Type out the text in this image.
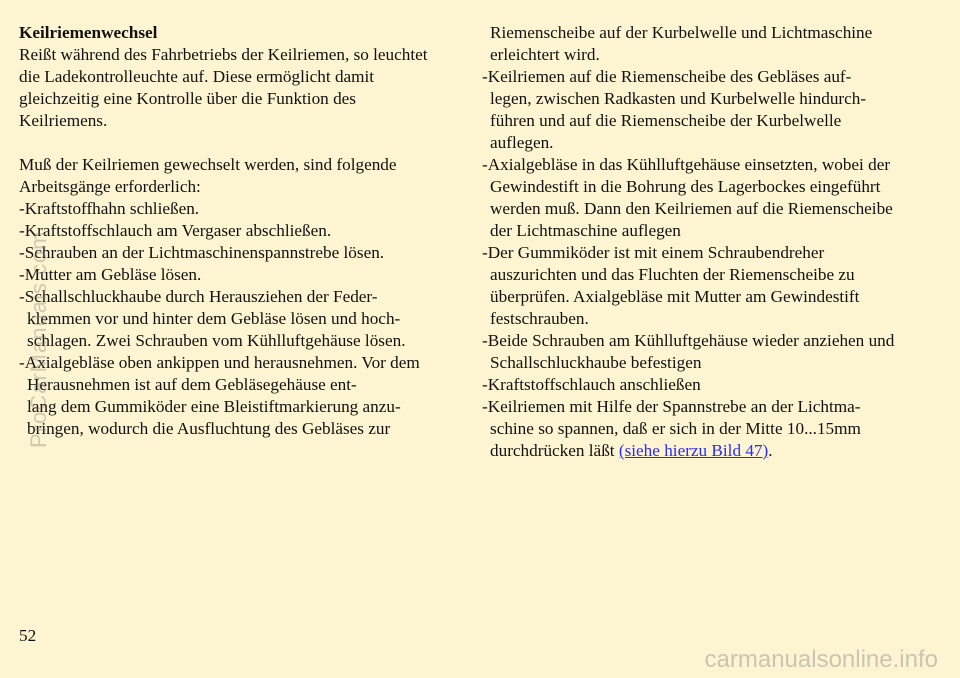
Keilriemenwechsel
Reißt während des Fahrbetriebs der Keilriemen, so leuchtet
die Ladekontrolleuchte auf. Diese ermöglicht damit
gleichzeitig eine Kontrolle über die Funktion des
Keilriemens.
Muß der Keilriemen gewechselt werden, sind folgende
Arbeitsgänge erforderlich:
-Kraftstoffhahn schließen.
-Kraftstoffschlauch am Vergaser abschließen.
-Schrauben an der Lichtmaschinenspannstrebe lösen.
-Mutter am Gebläse lösen.
-Schallschluckhaube durch Herausziehen der Feder-
klemmen vor und hinter dem Gebläse lösen und hoch-
schlagen. Zwei Schrauben vom Kühlluftgehäuse lösen.
-Axialgebläse oben ankippen und herausnehmen. Vor dem
Herausnehmen ist auf dem Gebläsegehäuse ent-
lang dem Gummiköder eine Bleistiftmarkierung anzu-
bringen, wodurch die Ausfluchtung des Gebläses zur
Riemenscheibe auf der Kurbelwelle und Lichtmaschine
erleichtert wird.
-Keilriemen auf die Riemenscheibe des Gebläses auf-
legen, zwischen Radkasten und Kurbelwelle hindurch-
führen und auf die Riemenscheibe der Kurbelwelle
auflegen.
-Axialgebläse in das Kühlluftgehäuse einsetzten, wobei der
Gewindestift in die Bohrung des Lagerbockes eingeführt
werden muß. Dann den Keilriemen auf die Riemenscheibe
der Lichtmaschine auflegen
-Der Gummiköder ist mit einem Schraubendreher
auszurichten und das Fluchten der Riemenscheibe zu
überprüfen. Axialgebläse mit Mutter am Gewindestift
festschrauben.
-Beide Schrauben am Kühlluftgehäuse wieder anziehen und
Schallschluckhaube befestigen
-Kraftstoffschlauch anschließen
-Keilriemen mit Hilfe der Spannstrebe an der Lichtma-
schine so spannen, daß er sich in der Mitte 10...15mm
durchdrücken läßt (siehe hierzu Bild 47).
52
ProCarManuals.com
carmanualsonline.info
